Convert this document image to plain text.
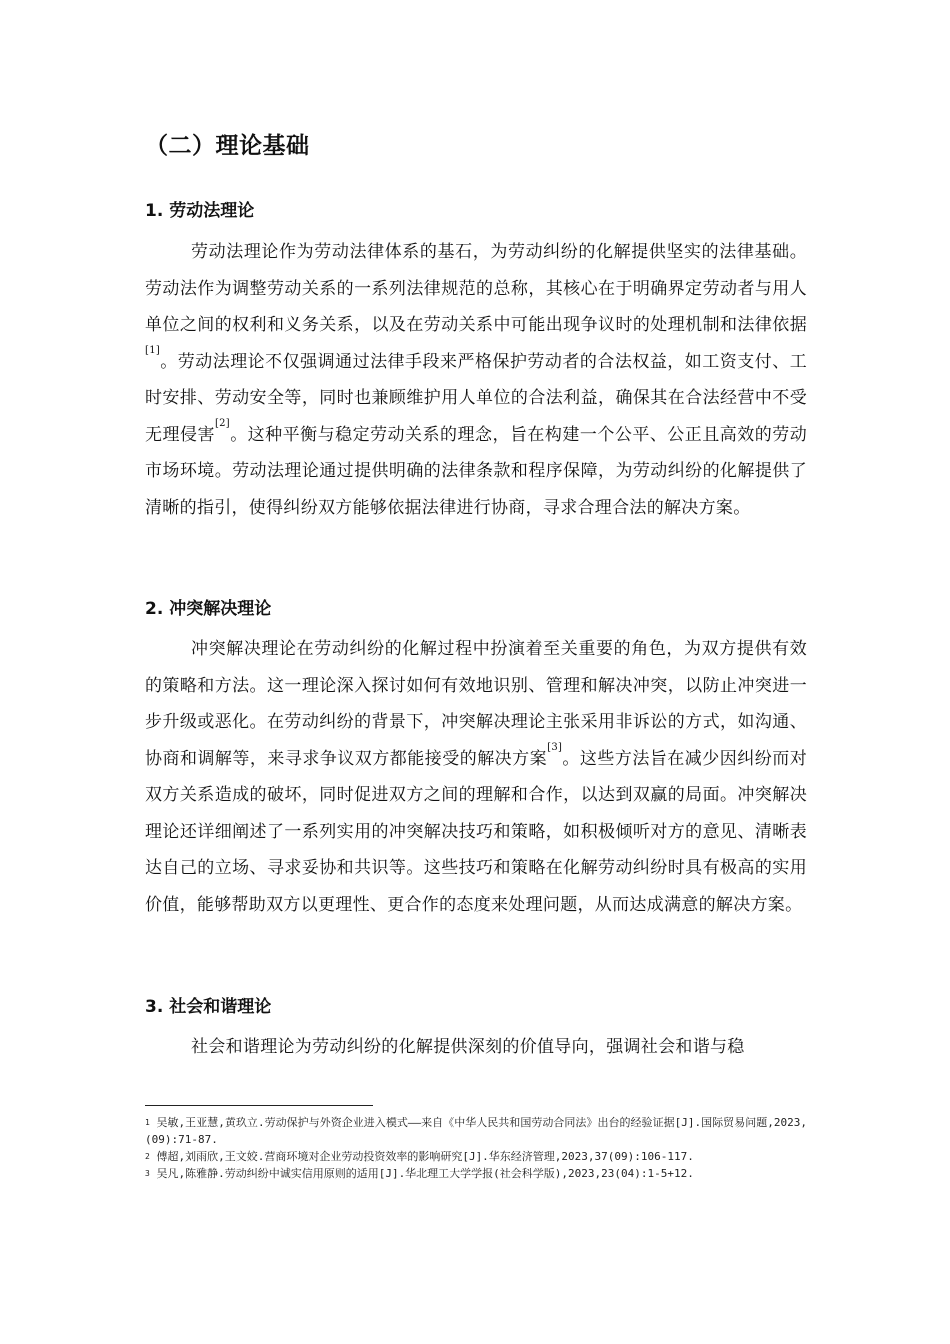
（二）理论基础
1. 劳动法理论
劳动法理论作为劳动法律体系的基石，为劳动纠纷的化解提供坚实的法律基础。劳动法作为调整劳动关系的一系列法律规范的总称，其核心在于明确界定劳动者与用人单位之间的权利和义务关系，以及在劳动关系中可能出现争议时的处理机制和法律依据[1]。劳动法理论不仅强调通过法律手段来严格保护劳动者的合法权益，如工资支付、工时安排、劳动安全等，同时也兼顾维护用人单位的合法利益，确保其在合法经营中不受无理侵害[2]。这种平衡与稳定劳动关系的理念，旨在构建一个公平、公正且高效的劳动市场环境。劳动法理论通过提供明确的法律条款和程序保障，为劳动纠纷的化解提供了清晰的指引，使得纠纷双方能够依据法律进行协商，寻求合理合法的解决方案。
2. 冲突解决理论
冲突解决理论在劳动纠纷的化解过程中扮演着至关重要的角色，为双方提供有效的策略和方法。这一理论深入探讨如何有效地识别、管理和解决冲突，以防止冲突进一步升级或恶化。在劳动纠纷的背景下，冲突解决理论主张采用非诉讼的方式，如沟通、协商和调解等，来寻求争议双方都能接受的解决方案[3]。这些方法旨在减少因纠纷而对双方关系造成的破坏，同时促进双方之间的理解和合作，以达到双赢的局面。冲突解决理论还详细阐述了一系列实用的冲突解决技巧和策略，如积极倾听对方的意见、清晰表达自己的立场、寻求妥协和共识等。这些技巧和策略在化解劳动纠纷时具有极高的实用价值，能够帮助双方以更理性、更合作的态度来处理问题，从而达成满意的解决方案。
3. 社会和谐理论
社会和谐理论为劳动纠纷的化解提供深刻的价值导向，强调社会和谐与稳
$^1$ 吴敏,王亚慧,黄玖立.劳动保护与外资企业进入模式——来自《中华人民共和国劳动合同法》出台的经验证据[J].国际贸易问题,2023,(09):71-87.
$^2$ 傅超,刘雨欣,王文姣.营商环境对企业劳动投资效率的影响研究[J].华东经济管理,2023,37(09):106-117.
$^3$ 吴凡,陈雅静.劳动纠纷中诚实信用原则的适用[J].华北理工大学学报(社会科学版),2023,23(04):1-5+12.
